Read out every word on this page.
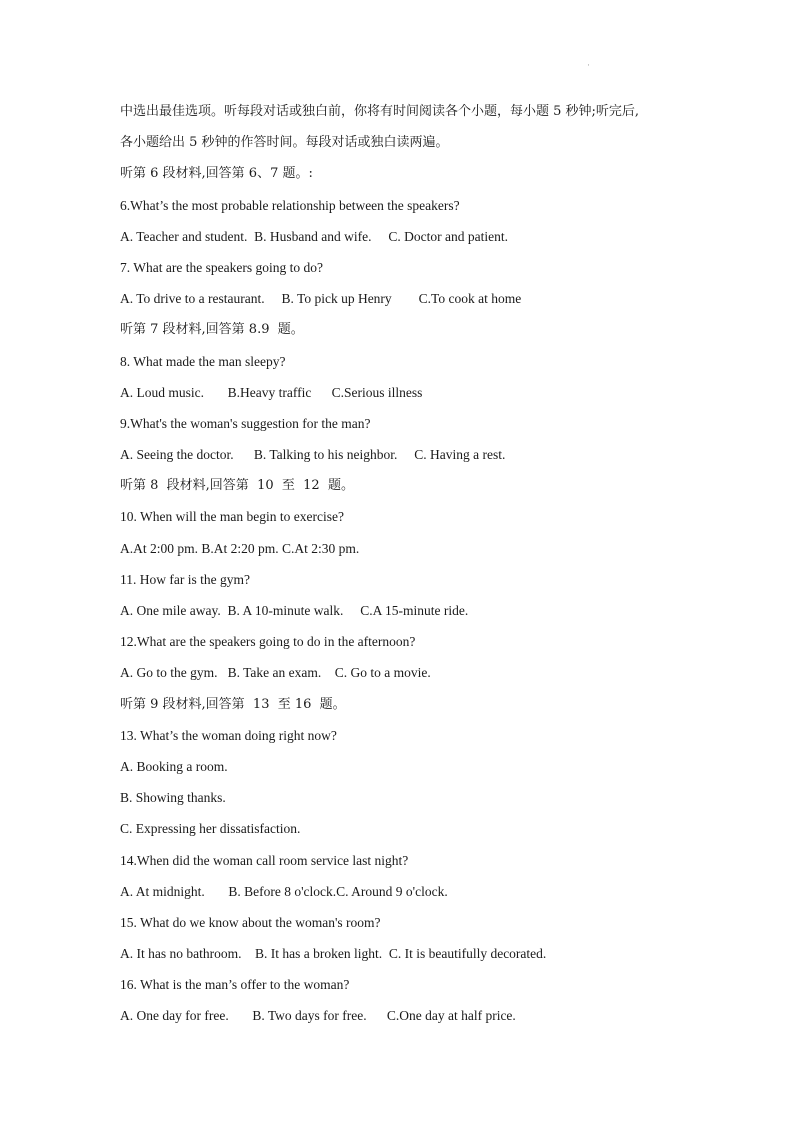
·
中选出最佳选项。听每段对话或独白前，你将有时间阅读各个小题，每小题 5 秒钟;听完后,
各小题给出 5 秒钟的作答时间。每段对话或独白读两遍。
听第 6 段材料,回答第 6、7 题。:
6.What’s the most probable relationship between the speakers?
A. Teacher and student.  B. Husband and wife.     C. Doctor and patient.
7. What are the speakers going to do?
A. To drive to a restaurant.     B. To pick up Henry        C.To cook at home
听第 7 段材料,回答第 8.9  题。
8. What made the man sleepy?
A. Loud music.       B.Heavy traffic      C.Serious illness
9.What's the woman's suggestion for the man?
A. Seeing the doctor.      B. Talking to his neighbor.     C. Having a rest.
听第 8  段材料,回答第  10  至  12  题。
10. When will the man begin to exercise?
A.At 2:00 pm. B.At 2:20 pm. C.At 2:30 pm.
11. How far is the gym?
A. One mile away.  B. A 10-minute walk.     C.A 15-minute ride.
12.What are the speakers going to do in the afternoon?
A. Go to the gym.   B. Take an exam.    C. Go to a movie.
听第 9 段材料,回答第  13  至 16  题。
13. What’s the woman doing right now?
A. Booking a room.
B. Showing thanks.
C. Expressing her dissatisfaction.
14.When did the woman call room service last night?
A. At midnight.       B. Before 8 o'clock.C. Around 9 o'clock.
15. What do we know about the woman's room?
A. It has no bathroom.    B. It has a broken light.  C. It is beautifully decorated.
16. What is the man’s offer to the woman?
A. One day for free.       B. Two days for free.      C.One day at half price.
